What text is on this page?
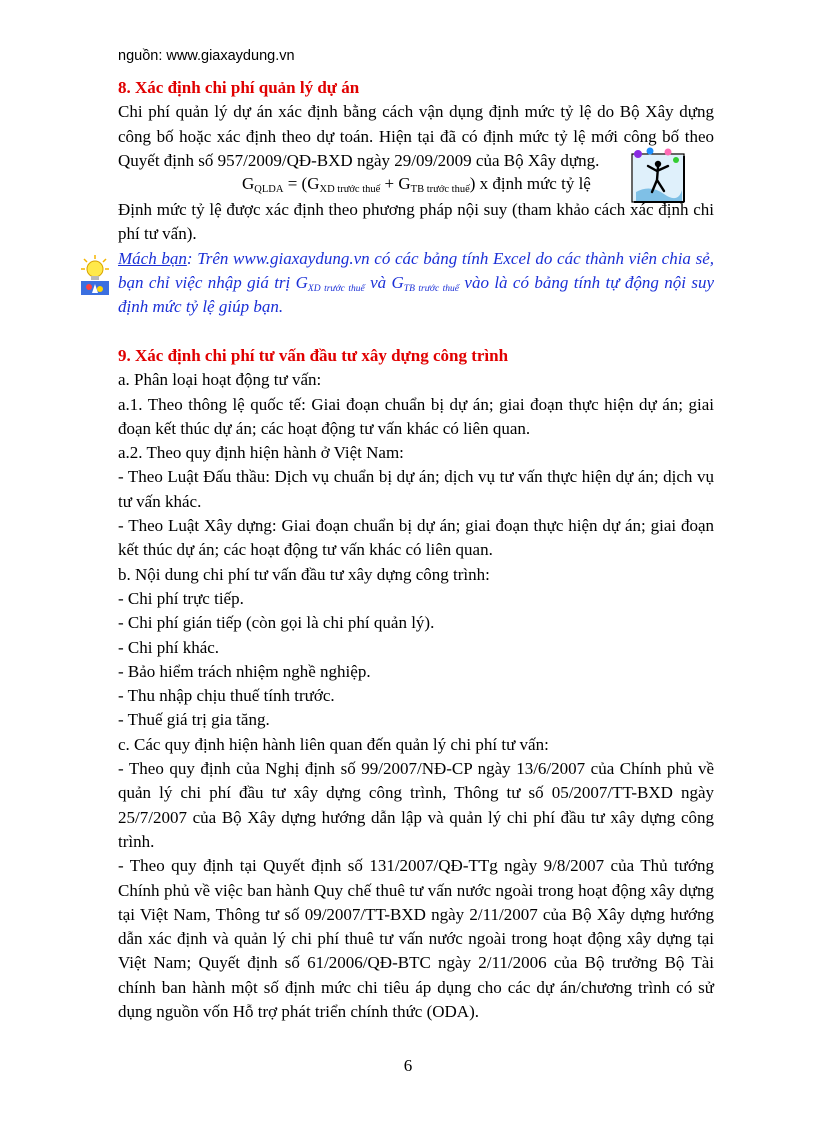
nguồn: www.giaxaydung.vn

8. Xác định chi phí quản lý dự án

Chi phí quản lý dự án xác định bằng cách vận dụng định mức tỷ lệ do Bộ Xây dựng công bố hoặc xác định theo dự toán. Hiện tại đã có định mức tỷ lệ mới công bố theo Quyết định số 957/2009/QĐ-BXD ngày 29/09/2009 của Bộ Xây dựng.

$G_{QLDA} = (G_{XD trước thuế} + G_{TB trước thuế})$ x định mức tỷ lệ

Định mức tỷ lệ được xác định theo phương pháp nội suy (tham khảo cách xác định chi phí tư vấn).

Mách bạn: Trên www.giaxaydung.vn có các bảng tính Excel do các thành viên chia sẻ, bạn chỉ việc nhập giá trị $G_{XD trước thuế}$ và $G_{TB trước thuế}$ vào là có bảng tính tự động nội suy định mức tỷ lệ giúp bạn.

9. Xác định chi phí tư vấn đầu tư xây dựng công trình

a. Phân loại hoạt động tư vấn:

a.1. Theo thông lệ quốc tế: Giai đoạn chuẩn bị dự án; giai đoạn thực hiện dự án; giai đoạn kết thúc dự án; các hoạt động tư vấn khác có liên quan.

a.2. Theo quy định hiện hành ở Việt Nam:

- Theo Luật Đấu thầu: Dịch vụ chuẩn bị dự án; dịch vụ tư vấn thực hiện dự án; dịch vụ tư vấn khác.

- Theo Luật Xây dựng: Giai đoạn chuẩn bị dự án; giai đoạn thực hiện dự án; giai đoạn kết thúc dự án; các hoạt động tư vấn khác có liên quan.

b. Nội dung chi phí tư vấn đầu tư xây dựng công trình:

- Chi phí trực tiếp.

- Chi phí gián tiếp (còn gọi là chi phí quản lý).

- Chi phí khác.

- Bảo hiểm trách nhiệm nghề nghiệp.

- Thu nhập chịu thuế tính trước.

- Thuế giá trị gia tăng.

c. Các quy định hiện hành liên quan đến quản lý chi phí tư vấn:

- Theo quy định của Nghị định số 99/2007/NĐ-CP ngày 13/6/2007 của Chính phủ về quản lý chi phí đầu tư xây dựng công trình, Thông tư số 05/2007/TT-BXD ngày 25/7/2007 của Bộ Xây dựng hướng dẫn lập và quản lý chi phí đầu tư xây dựng công trình.

- Theo quy định tại Quyết định số 131/2007/QĐ-TTg ngày 9/8/2007 của Thủ tướng Chính phủ về việc ban hành Quy chế thuê tư vấn nước ngoài trong hoạt động xây dựng tại Việt Nam, Thông tư số 09/2007/TT-BXD ngày 2/11/2007 của Bộ Xây dựng hướng dẫn xác định và quản lý chi phí thuê tư vấn nước ngoài trong hoạt động xây dựng tại Việt Nam; Quyết định số 61/2006/QĐ-BTC ngày 2/11/2006 của Bộ trưởng Bộ Tài chính ban hành một số định mức chi tiêu áp dụng cho các dự án/chương trình có sử dụng nguồn vốn Hỗ trợ phát triển chính thức (ODA).

6
